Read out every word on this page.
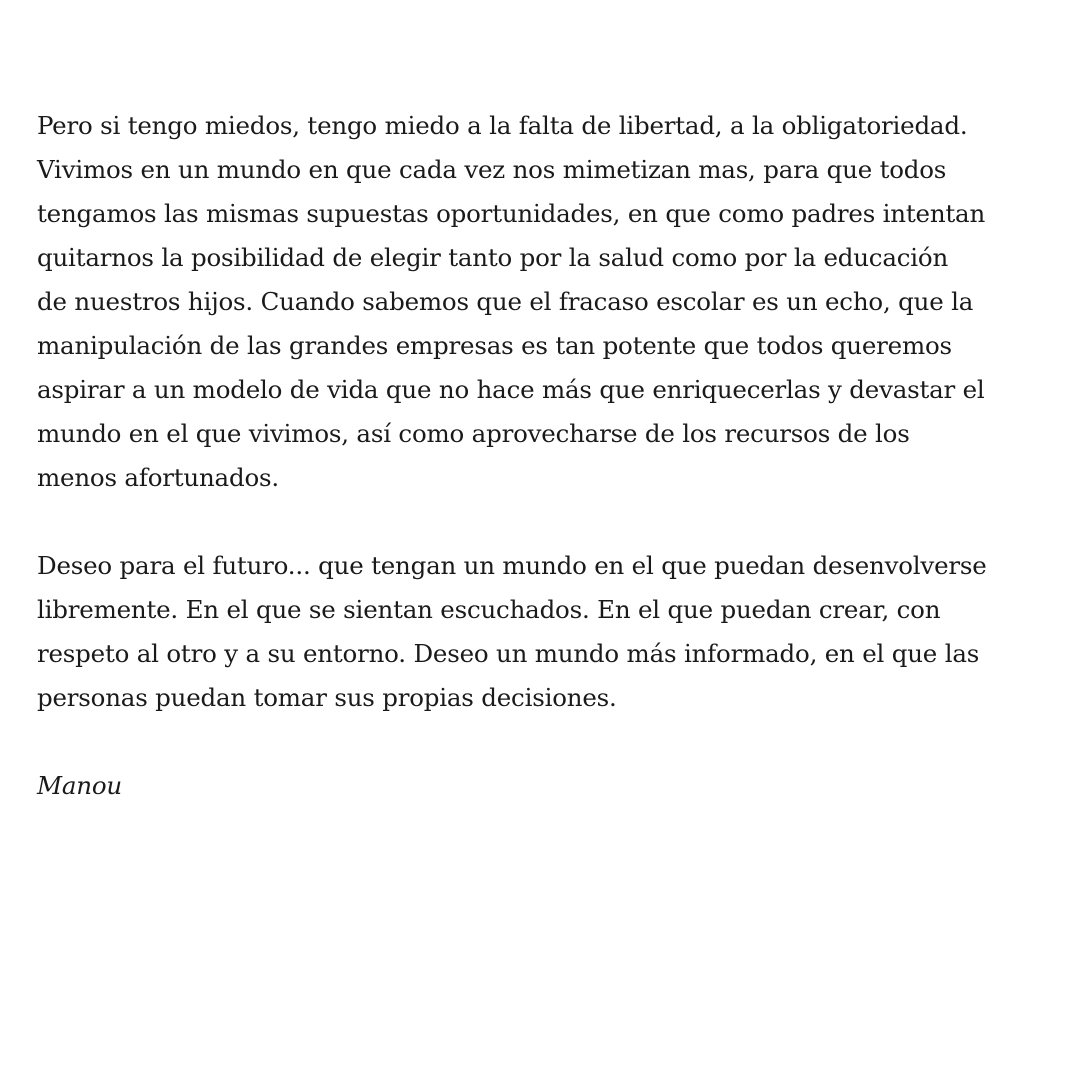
Pero si tengo miedos, tengo miedo a la falta de libertad, a la obligatoriedad.
Vivimos en un mundo en que cada vez nos mimetizan mas, para que todos
tengamos las mismas supuestas oportunidades, en que como padres intentan
quitarnos la posibilidad de elegir tanto por la salud como por la educación
de nuestros hijos. Cuando sabemos que el fracaso escolar es un echo, que la
manipulación de las grandes empresas es tan potente que todos queremos
aspirar a un modelo de vida que no hace más que enriquecerlas y devastar el
mundo en el que vivimos, así como aprovecharse de los recursos de los
menos afortunados.

Deseo para el futuro... que tengan un mundo en el que puedan desenvolverse
libremente. En el que se sientan escuchados. En el que puedan crear, con
respeto al otro y a su entorno. Deseo un mundo más informado, en el que las
personas puedan tomar sus propias decisiones.

Manou
